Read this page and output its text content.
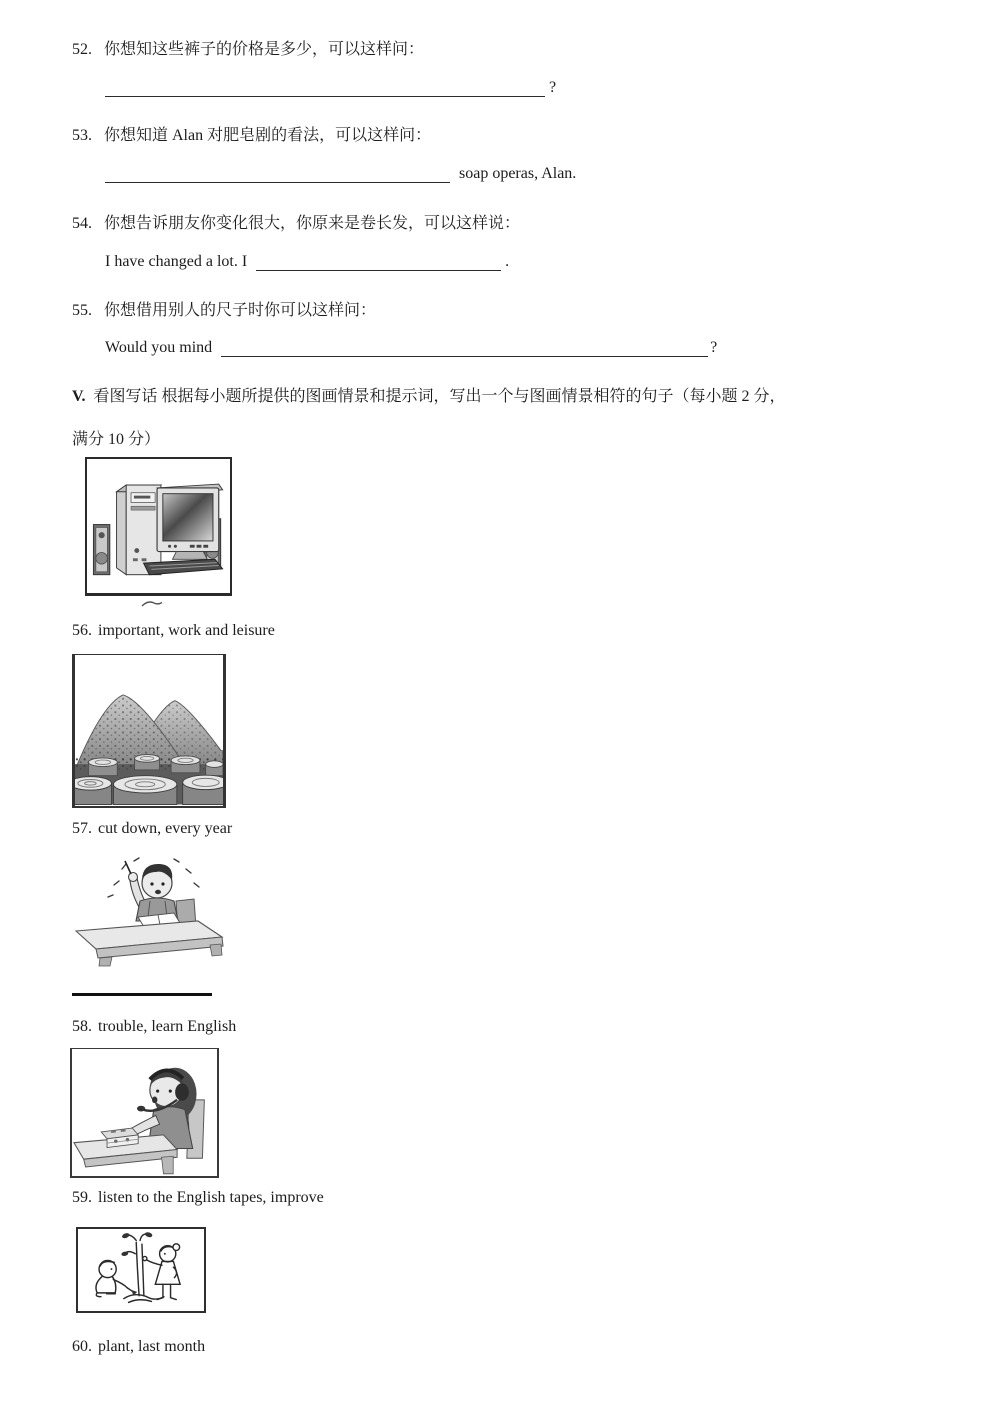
52. 你想知这些裤子的价格是多少，可以这样问：
?
53. 你想知道 Alan 对肥皂剧的看法，可以这样问：
soap operas, Alan.
54. 你想告诉朋友你变化很大，你原来是卷长发，可以这样说：
I have changed a lot. I	.
55. 你想借用别人的尺子时你可以这样问：
Would you mind	?
V. 看图写话 根据每小题所提供的图画情景和提示词，写出一个与图画情景相符的句子（每小题 2 分，
满分 10 分）
56. important, work and leisure
57. cut down, every year
58. trouble, learn English
59. listen to the English tapes, improve
60. plant, last month
